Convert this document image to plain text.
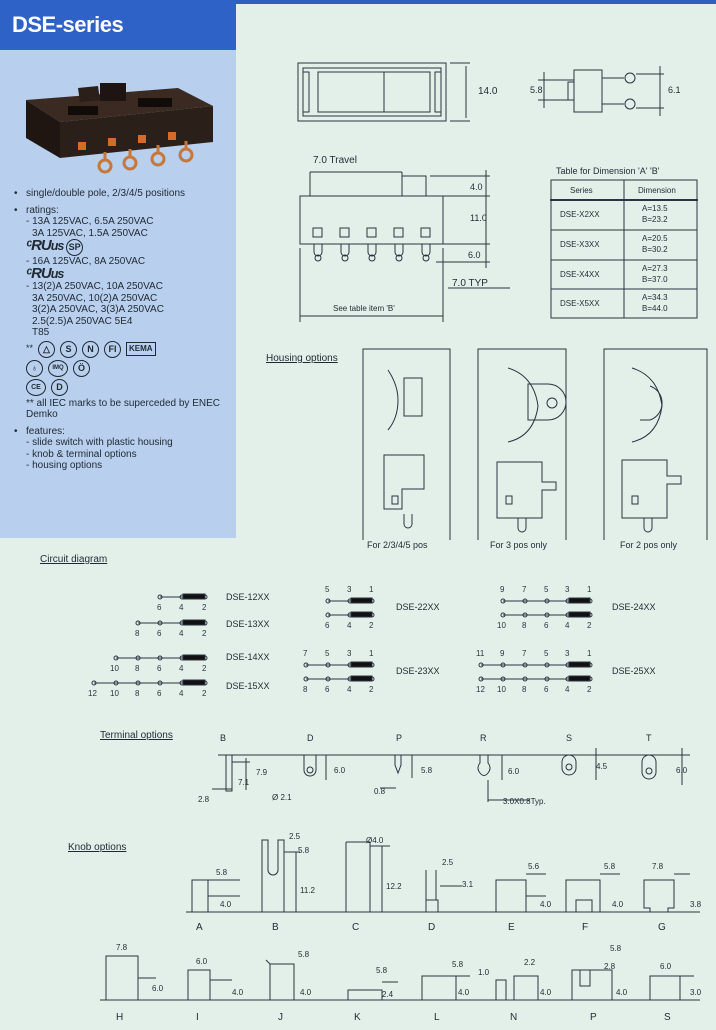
DSE-series
• single/double pole, 2/3/4/5 positions
• ratings:
- 13A 125VAC, 6.5A 250VAC
3A 125VAC, 1.5A 250VAC
ᶜRUus SP
- 16A 125VAC, 8A 250VAC
ᶜRUus
- 13(2)A 250VAC, 10A 250VAC
3A 250VAC, 10(2)A 250VAC
3(2)A 250VAC, 3(3)A 250VAC
2.5(2.5)A 250VAC 5E4
T85
**	△	S	N	FI	KEMA
♁	IMQ	Ö
CE	D
** all IEC marks to be superceded by ENEC Demko
• features:
- slide switch with plastic housing
- knob & terminal options
- housing options
14.0	5.8	6.1
7.0 Travel
4.0
11.0
6.0
7.0 TYP
See table item 'B'
Table for Dimension 'A' 'B'
Series	Dimension
DSE-X2XX
A=13.5
B=23.2
DSE-X3XX
A=20.5
B=30.2
DSE-X4XX
A=27.3
B=37.0
DSE-X5XX
A=34.3
B=44.0
Housing options
For 2/3/4/5 pos	For 3 pos only	For 2 pos only
Circuit diagram
6 4 2
8 6 4 2
10 8 6 4 2
12 10 8 6 4 2
5 3 1
6 4 2
7 5 3 1
8 6 4 2
9 7 5 3 1
10 8 6 4 2
11 9 7 5 3 1
12 10 8 6 4 2
DSE-12XX
DSE-13XX
DSE-14XX
DSE-15XX
DSE-22XX
DSE-23XX
DSE-24XX
DSE-25XX
Terminal options	B	D	P	R	S	T
7.9
7.1
2.8	Ø 2.1
6.0	5.8
0.8
6.0
3.0X0.8Typ.
4.5	6.0
Knob options
5.8
4.0
2.5
5.8
11.2
Ø4.0
12.2
2.5
3.1
5.6
4.0
5.8
4.0
7.8
3.8
7.8
6.0
6.0
4.0
5.8
4.0
5.8
2.4
5.8
4.0
1.0
2.2
4.0
5.8
2.8
4.0
6.0
3.0
A	B	C	D	E	F	G
H	I	J	K	L	N	P	S
